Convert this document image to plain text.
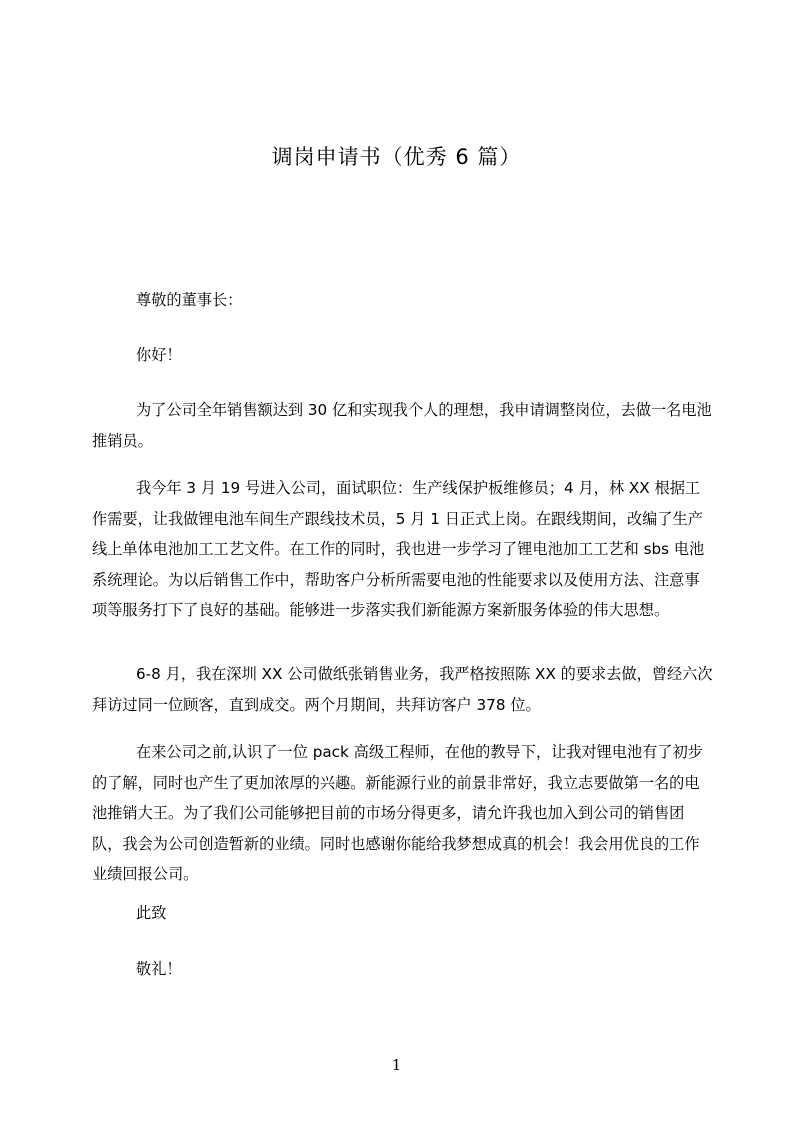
调岗申请书（优秀 6 篇）

尊敬的董事长：

你好！

为了公司全年销售额达到 30 亿和实现我个人的理想，我申请调整岗位，去做一名电池推销员。

我今年 3 月 19 号进入公司，面试职位：生产线保护板维修员；4 月，林 XX 根据工作需要，让我做锂电池车间生产跟线技术员，5 月 1 日正式上岗。在跟线期间，改编了生产线上单体电池加工工艺文件。在工作的同时，我也进一步学习了锂电池加工工艺和 sbs 电池系统理论。为以后销售工作中，帮助客户分析所需要电池的性能要求以及使用方法、注意事项等服务打下了良好的基础。能够进一步落实我们新能源方案新服务体验的伟大思想。

6-8 月，我在深圳 XX 公司做纸张销售业务，我严格按照陈 XX 的要求去做，曾经六次拜访过同一位顾客，直到成交。两个月期间，共拜访客户 378 位。

在来公司之前,认识了一位 pack 高级工程师，在他的教导下，让我对锂电池有了初步的了解，同时也产生了更加浓厚的兴趣。新能源行业的前景非常好，我立志要做第一名的电池推销大王。为了我们公司能够把目前的市场分得更多，请允许我也加入到公司的销售团队，我会为公司创造暂新的业绩。同时也感谢你能给我梦想成真的机会！我会用优良的工作业绩回报公司。

此致

敬礼！

1
